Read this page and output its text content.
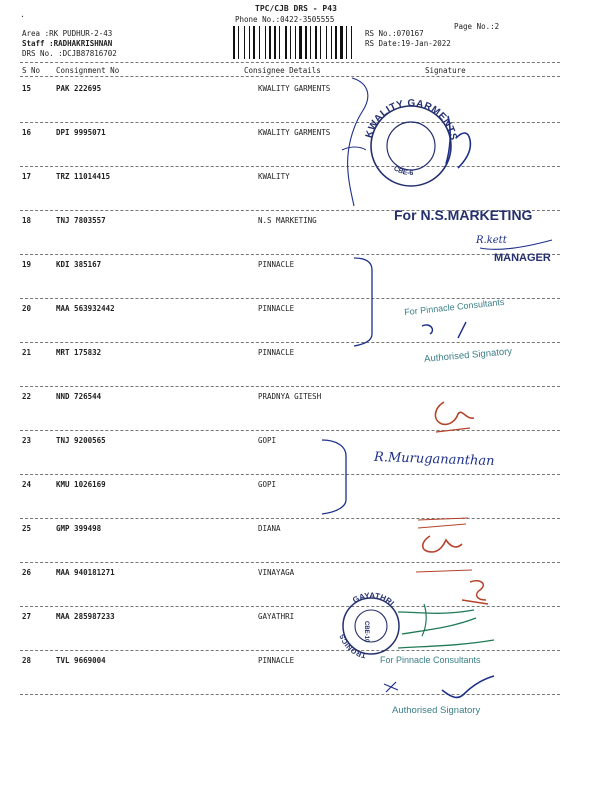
·
TPC/CJB DRS - P43
Phone No.:0422-3505555
Page No.:2
Area :RK PUDHUR-2-43
Staff :RADHAKRISHNAN
DRS No. :DCJB87816702
RS No.:070167
RS Date:19-Jan-2022
S No Consignment No	Consignee Details	Signature
15	PAK 222695	KWALITY GARMENTS
16	DPI 9995071	KWALITY GARMENTS
17	TRZ 11014415	KWALITY
18	TNJ 7803557	N.S MARKETING
19	KDI 385167	PINNACLE
20	MAA 563932442	PINNACLE
21	MRT 175832	PINNACLE
22	NND 726544	PRADNYA GITESH
23	TNJ 9200565	GOPI
24	KMU 1026169	GOPI
25	GMP 399498	DIANA
26	MAA 940181271	VINAYAGA
27	MAA 285987233	GAYATHRI
28	TVL 9669004	PINNACLE
For N.S.MARKETING
MANAGER
R.kett
For Pinnacle Consultants
Authorised Signatory
R.Murugananthan
For Pinnacle Consultants
Authorised Signatory
KWALITY GARMENTS
CBE-6
GAYATHRI
TRONICS	CBE-10
